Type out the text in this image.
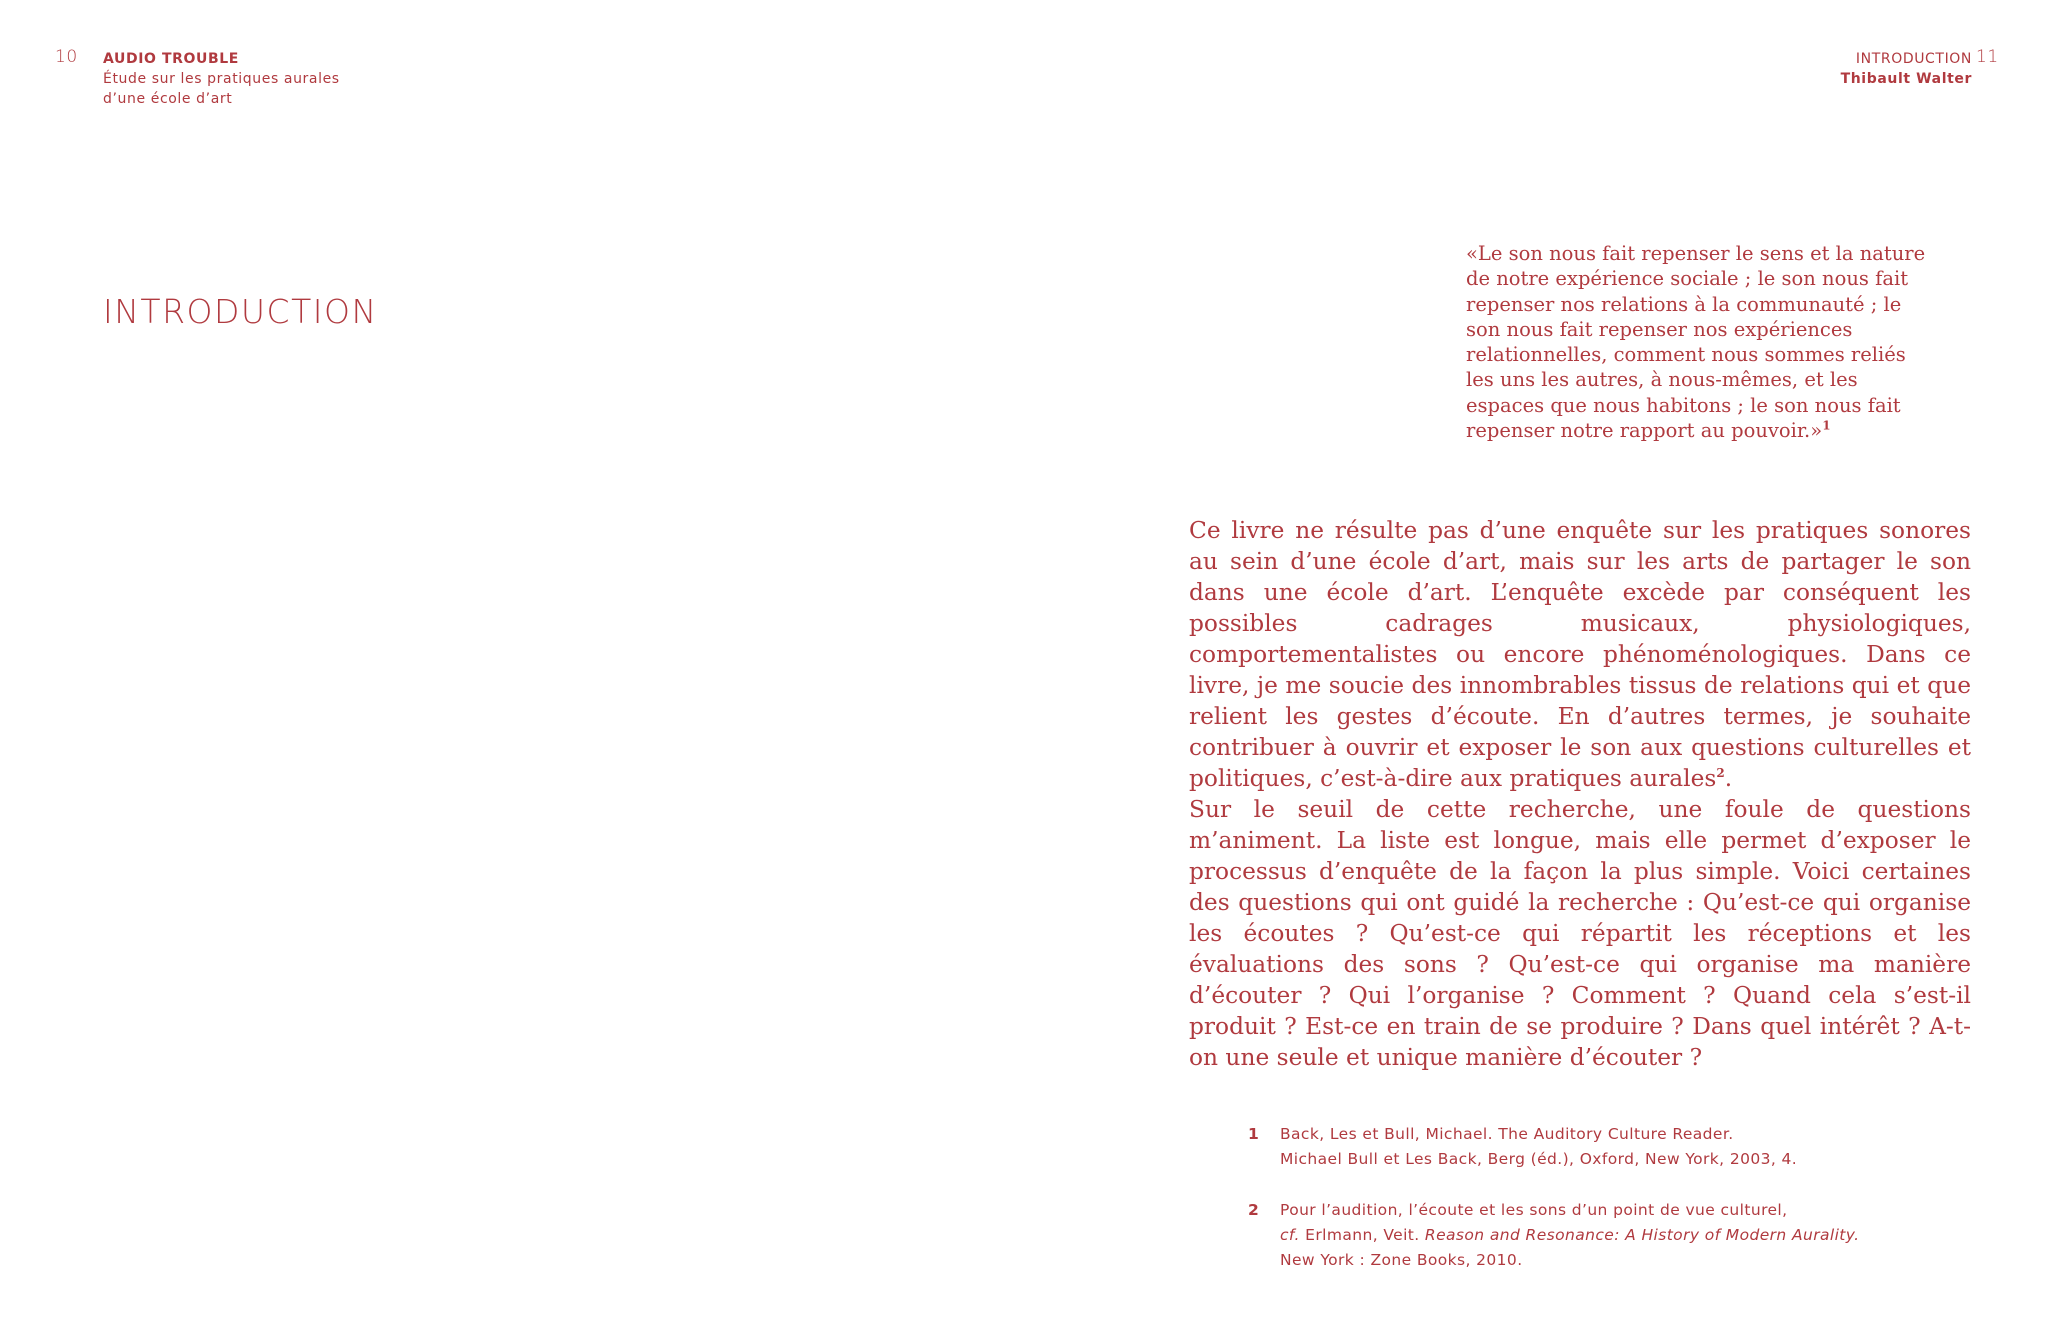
10 AUDIO TROUBLE
Étude sur les pratiques aurales
d’une école d’art
INTRODUCTION
Thibault Walter
11
INTRODUCTION
«Le son nous fait repenser le sens et la nature de notre expérience sociale ; le son nous fait repenser nos relations à la communauté ; le son nous fait repenser nos expériences relationnelles, comment nous sommes reliés les uns les autres, à nous-mêmes, et les espaces que nous habitons ; le son nous fait repenser notre rapport au pouvoir.»$^1$

Ce livre ne résulte pas d’une enquête sur les pratiques sonores au sein d’une école d’art, mais sur les arts de partager le son dans une école d’art. L’enquête excède par conséquent les possibles cadrages musicaux, physiologiques, comportementalistes ou encore phénoménologiques. Dans ce livre, je me soucie des innombrables tissus de relations qui et que relient les gestes d’écoute. En d’autres termes, je souhaite contribuer à ouvrir et exposer le son aux questions culturelles et politiques, c’est-à-dire aux pratiques aurales$^2$.

Sur le seuil de cette recherche, une foule de questions m’animent. La liste est longue, mais elle permet d’exposer le processus d’enquête de la façon la plus simple. Voici certaines des questions qui ont guidé la recherche : Qu’est-ce qui organise les écoutes ? Qu’est-ce qui répartit les réceptions et les évaluations des sons ? Qu’est-ce qui organise ma manière d’écouter ? Qui l’organise ? Comment ? Quand cela s’est-il produit ? Est-ce en train de se produire ? Dans quel intérêt ? A-t-on une seule et unique manière d’écouter ?

1 Back, Les et Bull, Michael. The Auditory Culture Reader.
Michael Bull et Les Back, Berg (éd.), Oxford, New York, 2003, 4.
2 Pour l’audition, l’écoute et les sons d’un point de vue culturel,
cf. Erlmann, Veit. Reason and Resonance: A History of Modern Aurality.
New York : Zone Books, 2010.
